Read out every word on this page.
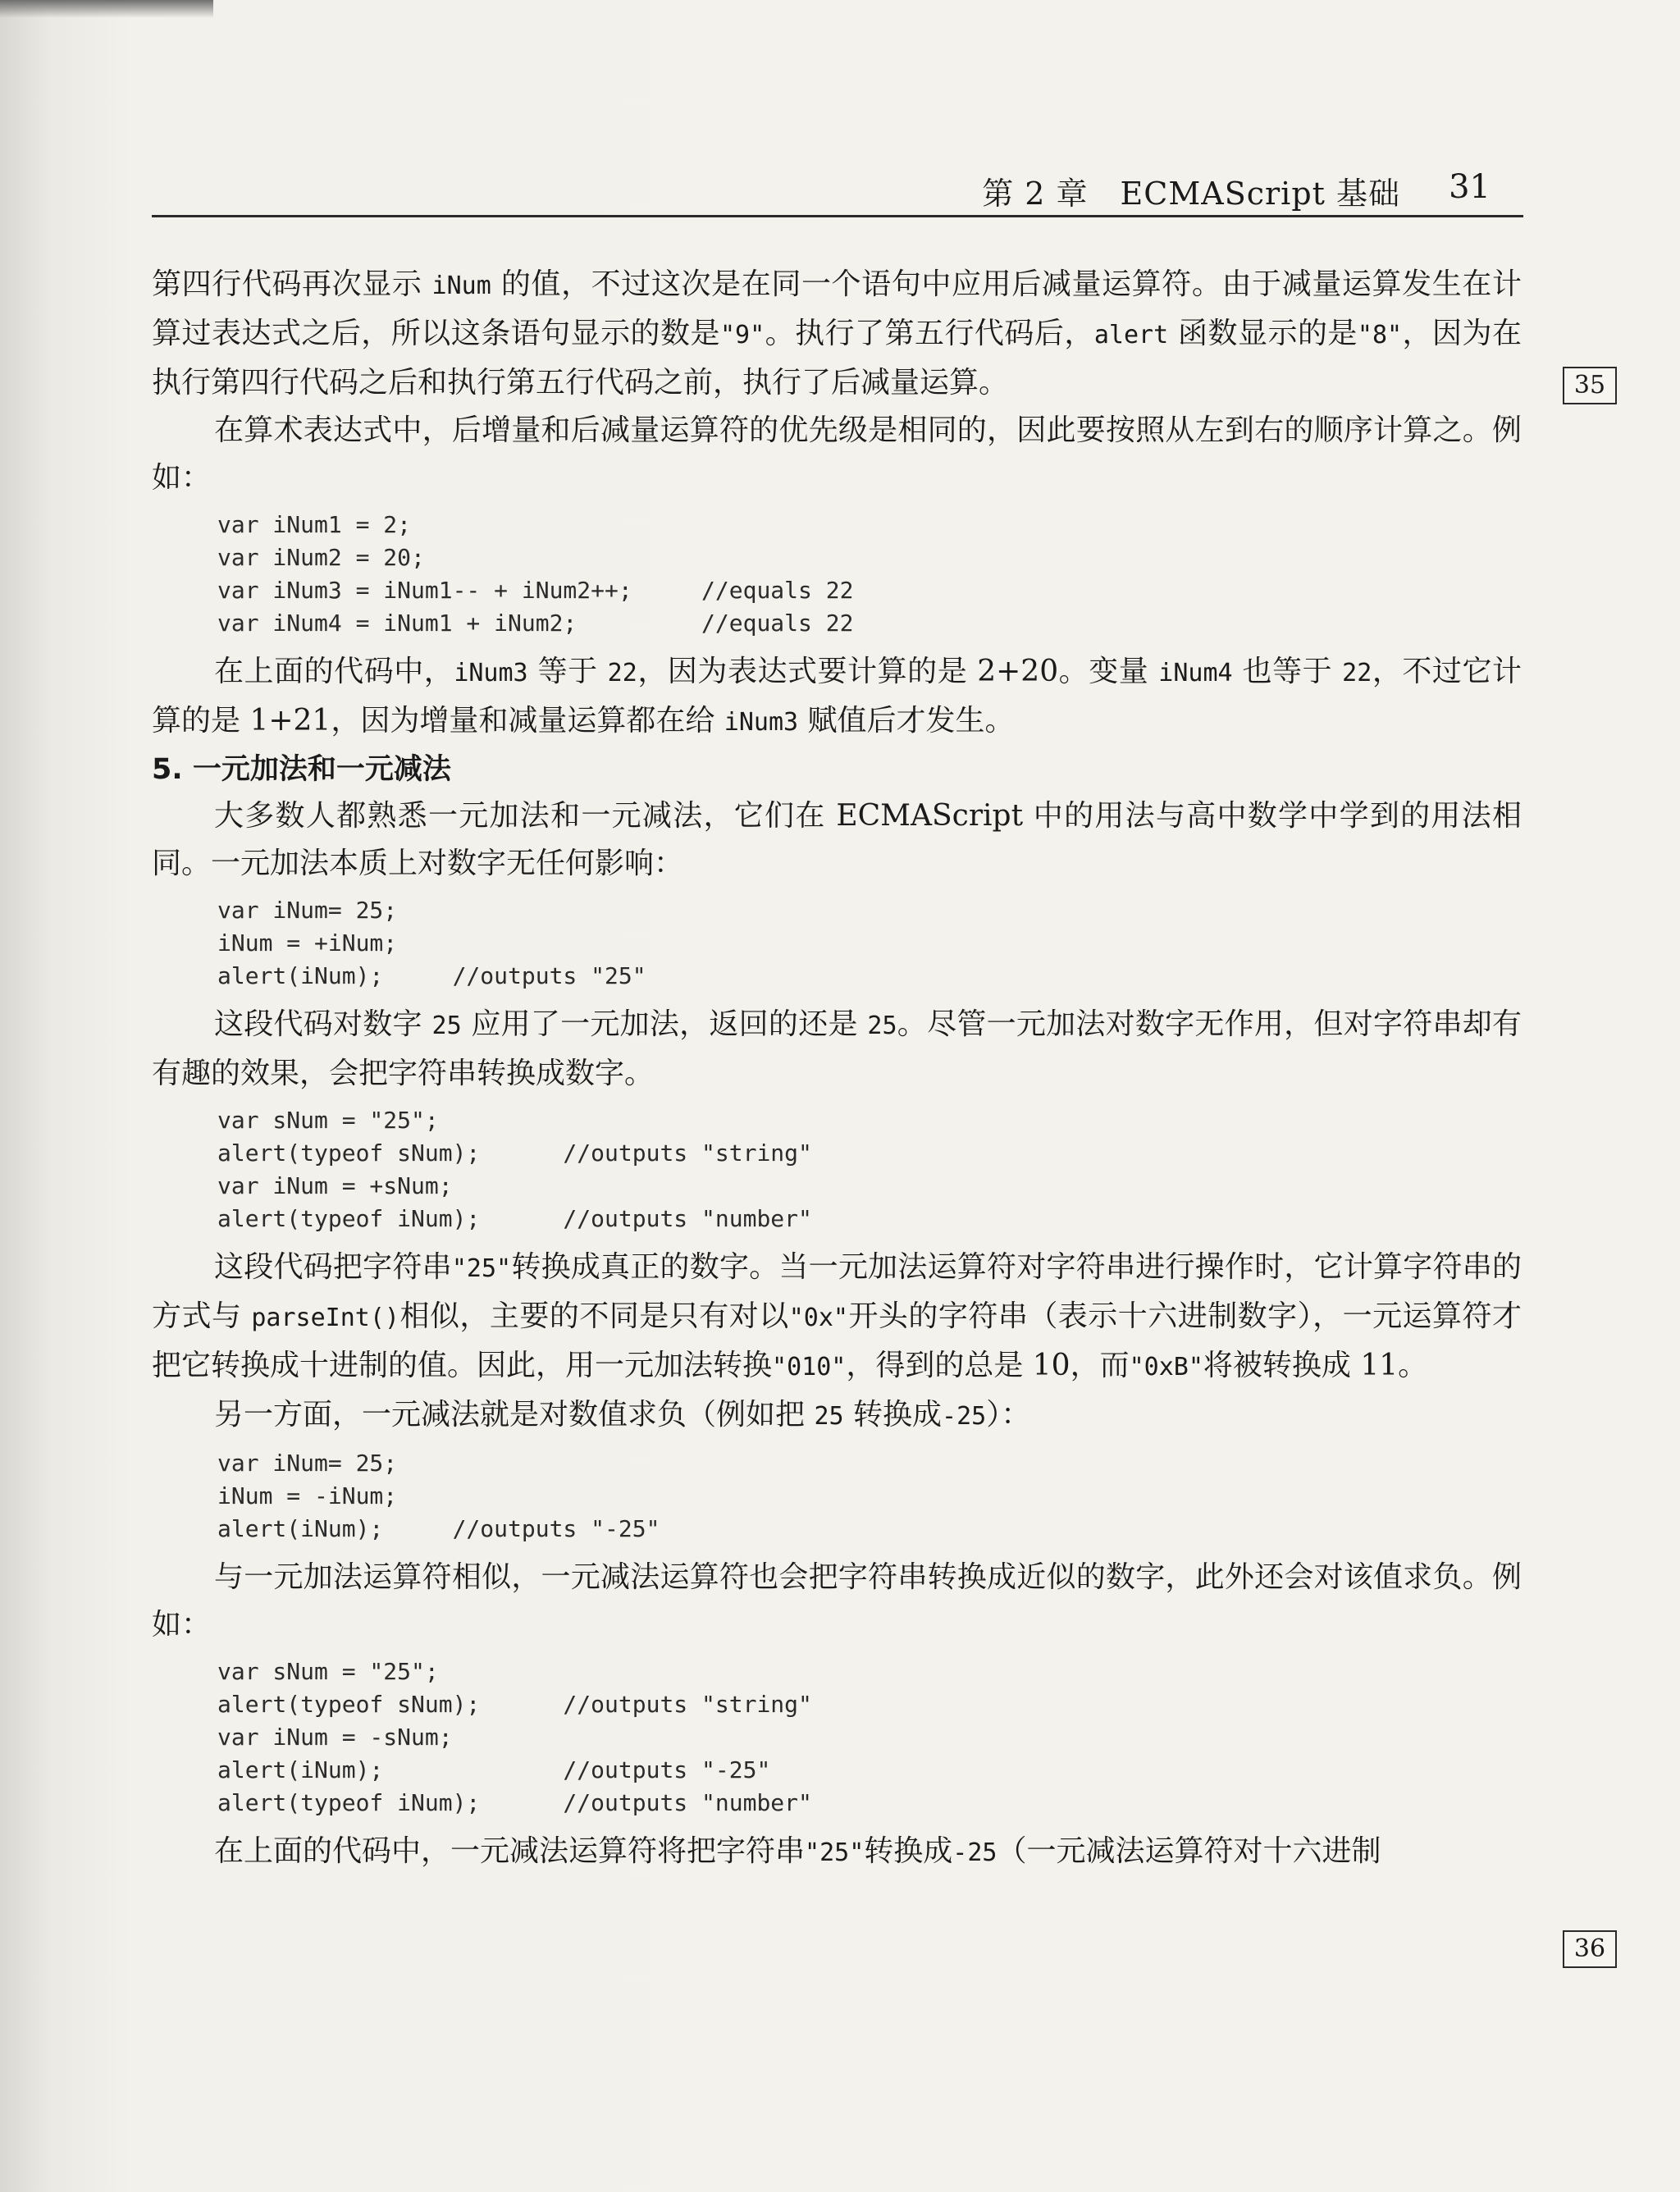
第 2 章　ECMAScript 基础 31
35
36

第四行代码再次显示 iNum 的值，不过这次是在同一个语句中应用后减量运算符。由于减量运算发生在计算过表达式之后，所以这条语句显示的数是"9"。执行了第五行代码后，alert 函数显示的是"8"，因为在执行第四行代码之后和执行第五行代码之前，执行了后减量运算。

在算术表达式中，后增量和后减量运算符的优先级是相同的，因此要按照从左到右的顺序计算之。例如：

var iNum1 = 2;
var iNum2 = 20;
var iNum3 = iNum1-- + iNum2++;     //equals 22
var iNum4 = iNum1 + iNum2;         //equals 22

在上面的代码中，iNum3 等于 22，因为表达式要计算的是 2+20。变量 iNum4 也等于 22，不过它计算的是 1+21，因为增量和减量运算都在给 iNum3 赋值后才发生。

5. 一元加法和一元减法

大多数人都熟悉一元加法和一元减法，它们在 ECMAScript 中的用法与高中数学中学到的用法相同。一元加法本质上对数字无任何影响：

var iNum= 25;
iNum = +iNum;
alert(iNum);     //outputs "25"

这段代码对数字 25 应用了一元加法，返回的还是 25。尽管一元加法对数字无作用，但对字符串却有有趣的效果，会把字符串转换成数字。

var sNum = "25";
alert(typeof sNum);      //outputs "string"
var iNum = +sNum;
alert(typeof iNum);      //outputs "number"

这段代码把字符串"25"转换成真正的数字。当一元加法运算符对字符串进行操作时，它计算字符串的方式与 parseInt()相似，主要的不同是只有对以"0x"开头的字符串（表示十六进制数字），一元运算符才把它转换成十进制的值。因此，用一元加法转换"010"，得到的总是 10，而"0xB"将被转换成 11。

另一方面，一元减法就是对数值求负（例如把 25 转换成-25）：

var iNum= 25;
iNum = -iNum;
alert(iNum);     //outputs "-25"

与一元加法运算符相似，一元减法运算符也会把字符串转换成近似的数字，此外还会对该值求负。例如：

var sNum = "25";
alert(typeof sNum);      //outputs "string"
var iNum = -sNum;
alert(iNum);             //outputs "-25"
alert(typeof iNum);      //outputs "number"

在上面的代码中，一元减法运算符将把字符串"25"转换成-25（一元减法运算符对十六进制
